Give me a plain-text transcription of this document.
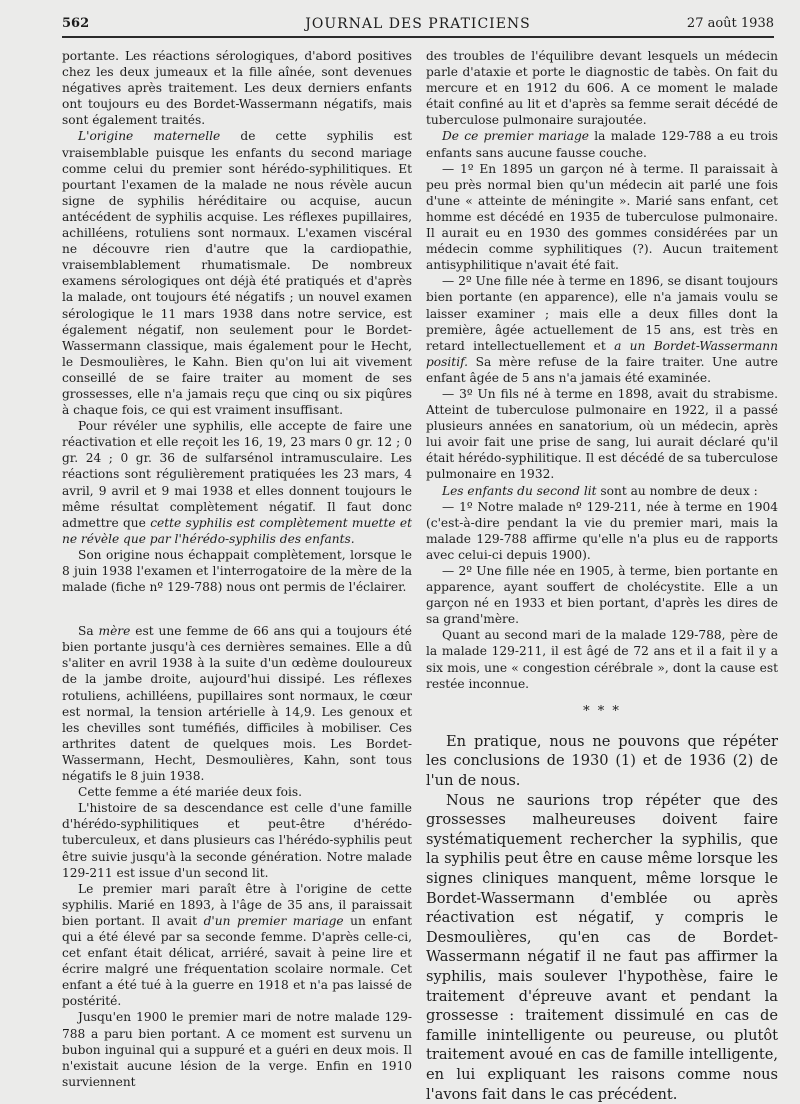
562	JOURNAL DES PRATICIENS	27 août 1938

portante. Les réactions sérologiques, d'abord positives chez les deux jumeaux et la fille aînée, sont devenues négatives après traitement. Les deux derniers enfants ont toujours eu des Bordet-Wassermann négatifs, mais sont également traités.

L'origine maternelle de cette syphilis est vraisemblable puisque les enfants du second mariage comme celui du premier sont hérédo-syphilitiques. Et pourtant l'examen de la malade ne nous révèle aucun signe de syphilis héréditaire ou acquise, aucun antécédent de syphilis acquise. Les réflexes pupillaires, achilléens, rotuliens sont normaux. L'examen viscéral ne découvre rien d'autre que la cardiopathie, vraisemblablement rhumatismale. De nombreux examens sérologiques ont déjà été pratiqués et d'après la malade, ont toujours été négatifs ; un nouvel examen sérologique le 11 mars 1938 dans notre service, est également négatif, non seulement pour le Bordet-Wassermann classique, mais également pour le Hecht, le Desmoulières, le Kahn. Bien qu'on lui ait vivement conseillé de se faire traiter au moment de ses grossesses, elle n'a jamais reçu que cinq ou six piqûres à chaque fois, ce qui est vraiment insuffisant.

Pour révéler une syphilis, elle accepte de faire une réactivation et elle reçoit les 16, 19, 23 mars 0 gr. 12 ; 0 gr. 24 ; 0 gr. 36 de sulfarsénol intramusculaire. Les réactions sont régulièrement pratiquées les 23 mars, 4 avril, 9 avril et 9 mai 1938 et elles donnent toujours le même résultat complètement négatif. Il faut donc admettre que cette syphilis est complètement muette et ne révèle que par l'hérédo-syphilis des enfants.

Son origine nous échappait complètement, lorsque le 8 juin 1938 l'examen et l'interrogatoire de la mère de la malade (fiche nº 129-788) nous ont permis de l'éclairer.

Sa mère est une femme de 66 ans qui a toujours été bien portante jusqu'à ces dernières semaines. Elle a dû s'aliter en avril 1938 à la suite d'un œdème douloureux de la jambe droite, aujourd'hui dissipé. Les réflexes rotuliens, achilléens, pupillaires sont normaux, le cœur est normal, la tension artérielle à 14,9. Les genoux et les chevilles sont tuméfiés, difficiles à mobiliser. Ces arthrites datent de quelques mois. Les Bordet-Wassermann, Hecht, Desmoulières, Kahn, sont tous négatifs le 8 juin 1938.

Cette femme a été mariée deux fois.

L'histoire de sa descendance est celle d'une famille d'hérédo-syphilitiques et peut-être d'hérédo-tuberculeux, et dans plusieurs cas l'hérédo-syphilis peut être suivie jusqu'à la seconde génération. Notre malade 129-211 est issue d'un second lit.

Le premier mari paraît être à l'origine de cette syphilis. Marié en 1893, à l'âge de 35 ans, il paraissait bien portant. Il avait d'un premier mariage un enfant qui a été élevé par sa seconde femme. D'après celle-ci, cet enfant était délicat, arriéré, savait à peine lire et écrire malgré une fréquentation scolaire normale. Cet enfant a été tué à la guerre en 1918 et n'a pas laissé de postérité.

Jusqu'en 1900 le premier mari de notre malade 129-788 a paru bien portant. A ce moment est survenu un bubon inguinal qui a suppuré et a guéri en deux mois. Il n'existait aucune lésion de la verge. Enfin en 1910 surviennent

des troubles de l'équilibre devant lesquels un médecin parle d'ataxie et porte le diagnostic de tabès. On fait du mercure et en 1912 du 606. A ce moment le malade était confiné au lit et d'après sa femme serait décédé de tuberculose pulmonaire surajoutée.

De ce premier mariage la malade 129-788 a eu trois enfants sans aucune fausse couche.

— 1º En 1895 un garçon né à terme. Il paraissait à peu près normal bien qu'un médecin ait parlé une fois d'une « atteinte de méningite ». Marié sans enfant, cet homme est décédé en 1935 de tuberculose pulmonaire. Il aurait eu en 1930 des gommes considérées par un médecin comme syphilitiques (?). Aucun traitement antisyphilitique n'avait été fait.

— 2º Une fille née à terme en 1896, se disant toujours bien portante (en apparence), elle n'a jamais voulu se laisser examiner ; mais elle a deux filles dont la première, âgée actuellement de 15 ans, est très en retard intellectuellement et a un Bordet-Wassermann positif. Sa mère refuse de la faire traiter. Une autre enfant âgée de 5 ans n'a jamais été examinée.

— 3º Un fils né à terme en 1898, avait du strabisme. Atteint de tuberculose pulmonaire en 1922, il a passé plusieurs années en sanatorium, où un médecin, après lui avoir fait une prise de sang, lui aurait déclaré qu'il était hérédo-syphilitique. Il est décédé de sa tuberculose pulmonaire en 1932.

Les enfants du second lit sont au nombre de deux :

— 1º Notre malade nº 129-211, née à terme en 1904 (c'est-à-dire pendant la vie du premier mari, mais la malade 129-788 affirme qu'elle n'a plus eu de rapports avec celui-ci depuis 1900).

— 2º Une fille née en 1905, à terme, bien portante en apparence, ayant souffert de cholécystite. Elle a un garçon né en 1933 et bien portant, d'après les dires de sa grand'mère.

Quant au second mari de la malade 129-788, père de la malade 129-211, il est âgé de 72 ans et il a fait il y a six mois, une « congestion cérébrale », dont la cause est restée inconnue.

* * *

En pratique, nous ne pouvons que répéter les conclusions de 1930 (1) et de 1936 (2) de l'un de nous.

Nous ne saurions trop répéter que des grossesses malheureuses doivent faire systématiquement rechercher la syphilis, que la syphilis peut être en cause même lorsque les signes cliniques manquent, même lorsque le Bordet-Wassermann d'emblée ou après réactivation est négatif, y compris le Desmoulières, qu'en cas de Bordet-Wassermann négatif il ne faut pas affirmer la syphilis, mais soulever l'hypothèse, faire le traitement d'épreuve avant et pendant la grossesse : traitement dissimulé en cas de famille inintelligente ou peureuse, ou plutôt traitement avoué en cas de famille intelligente, en lui expliquant les raisons comme nous l'avons fait dans le cas précédent.
